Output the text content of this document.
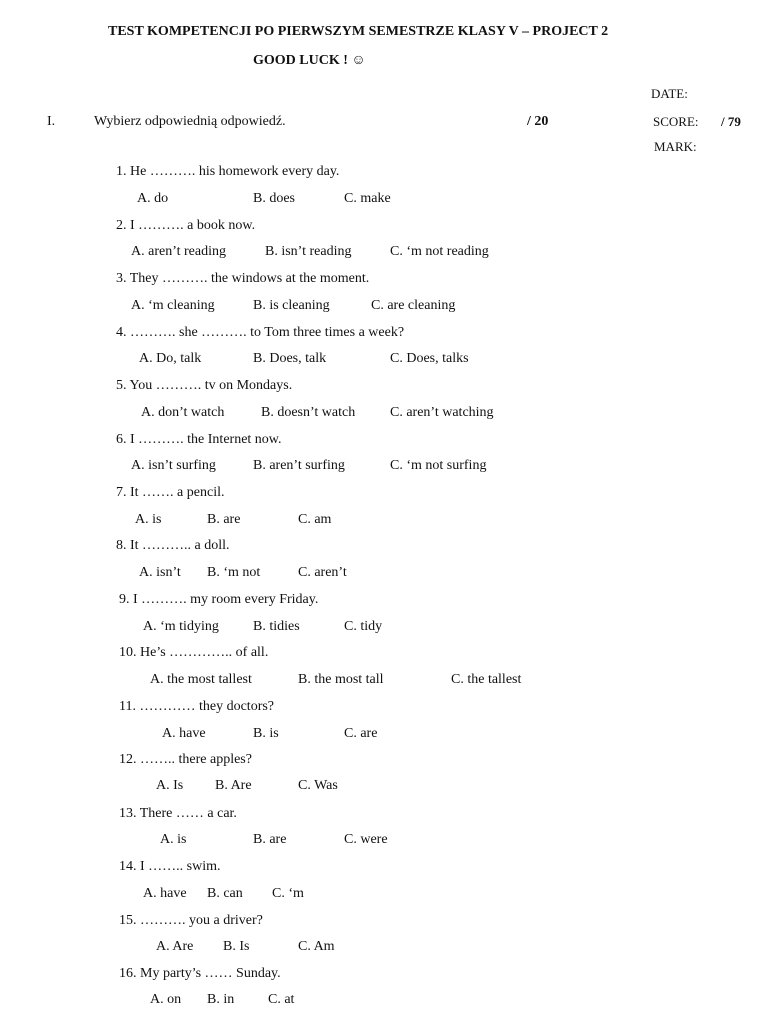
TEST KOMPETENCJI PO PIERWSZYM SEMESTRZE KLASY V – PROJECT 2
GOOD LUCK ! ☺
DATE:
SCORE: / 79
MARK:
I.	Wybierz odpowiednią odpowiedź.	/ 20
1. He ………. his homework every day.
A. do	B. does	C. make
2. I ………. a book now.
A. aren’t reading	B. isn’t reading	C. ‘m not reading
3. They ………. the windows at the moment.
A. ‘m cleaning	B. is cleaning	C. are cleaning
4. ………. she ………. to Tom three times a week?
A. Do, talk	B. Does, talk	C. Does, talks
5. You ………. tv on Mondays.
A. don’t watch	B. doesn’t watch C. aren’t watching
6. I ………. the Internet now.
A. isn’t surfing	B. aren’t surfing	C. ‘m not surfing
7. It ……. a pencil.
A. is	B. are	C. am
8. It ……….. a doll.
A. isn’t B. ‘m not	C. aren’t
9. I ………. my room every Friday.
A. ‘m tidying B. tidies	C. tidy
10. He’s ………….. of all.
A. the most tallest	B. the most tall	C. the tallest
11. ………… they doctors?
A. have	B. is	C. are
12. …….. there apples?
A. Is B. Are	C. Was
13. There …… a car.
A. is	B. are	C. were
14. I …….. swim.
A. have B. can C. ‘m
15. ………. you a driver?
A. Are B. Is	C. Am
16. My party’s …… Sunday.
A. on B. in C. at
